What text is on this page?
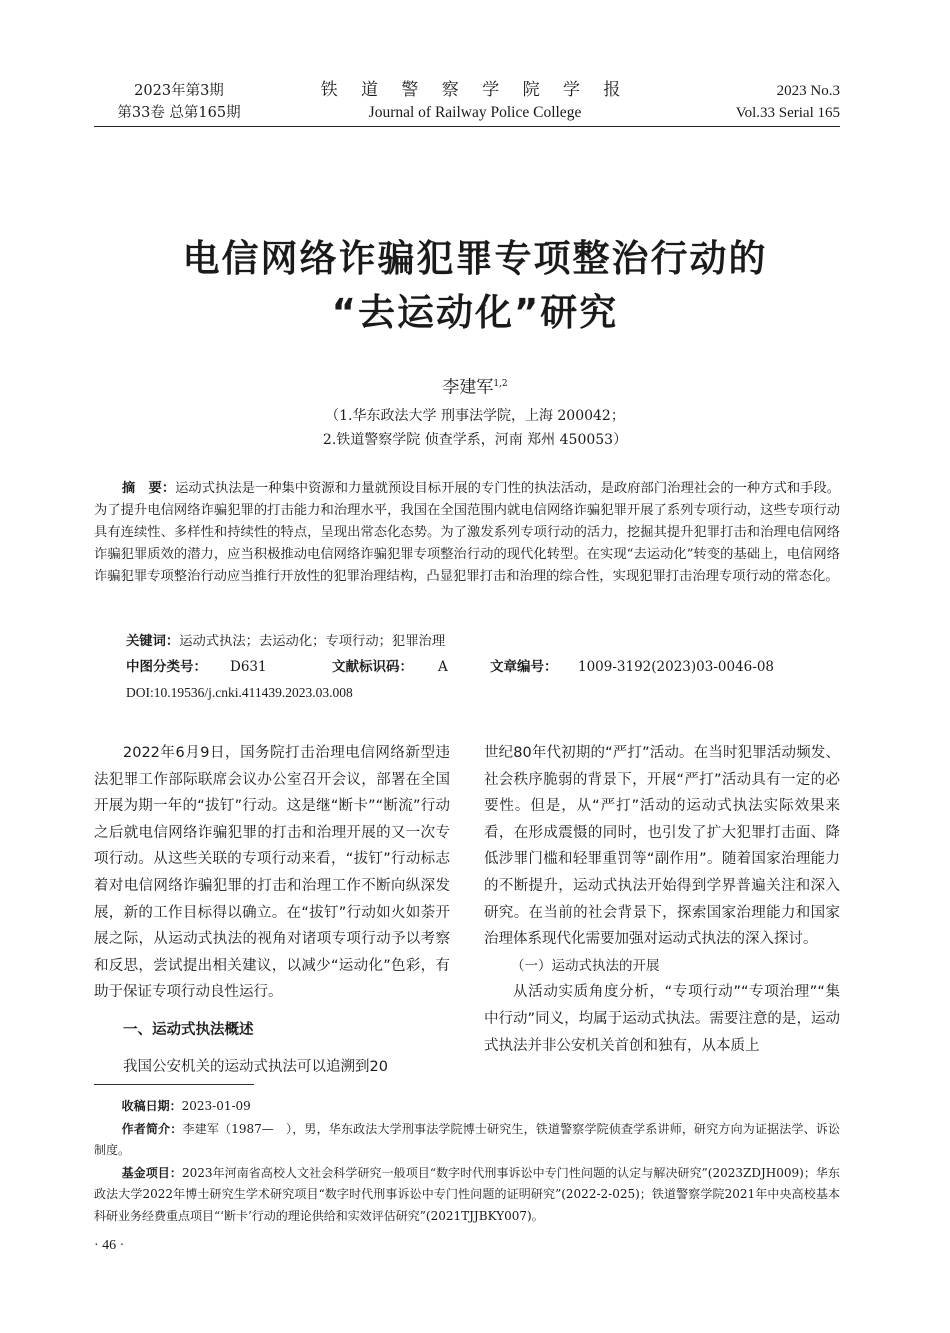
2023年第3期
第33卷 总第165期
铁 道 警 察 学 院 学 报
Journal of Railway Police College
2023 No.3
Vol.33 Serial 165
电信网络诈骗犯罪专项整治行动的
“去运动化”研究
李建军$^{1,2}$
（1.华东政法大学 刑事法学院，上海 200042；
2.铁道警察学院 侦查学系，河南 郑州 450053）
摘　要：运动式执法是一种集中资源和力量就预设目标开展的专门性的执法活动，是政府部门治理社会的一种方式和手段。为了提升电信网络诈骗犯罪的打击能力和治理水平，我国在全国范围内就电信网络诈骗犯罪开展了系列专项行动，这些专项行动具有连续性、多样性和持续性的特点，呈现出常态化态势。为了激发系列专项行动的活力，挖掘其提升犯罪打击和治理电信网络诈骗犯罪质效的潜力，应当积极推动电信网络诈骗犯罪专项整治行动的现代化转型。在实现“去运动化”转变的基础上，电信网络诈骗犯罪专项整治行动应当推行开放性的犯罪治理结构，凸显犯罪打击和治理的综合性，实现犯罪打击治理专项行动的常态化。
关键词：运动式执法；去运动化；专项行动；犯罪治理
中图分类号： D631	文献标识码： A	文章编号： 1009-3192(2023)03-0046-08
DOI:10.19536/j.cnki.411439.2023.03.008

2022年6月9日，国务院打击治理电信网络新型违法犯罪工作部际联席会议办公室召开会议，部署在全国开展为期一年的“拔钉”行动。这是继“断卡”“断流”行动之后就电信网络诈骗犯罪的打击和治理开展的又一次专项行动。从这些关联的专项行动来看，“拔钉”行动标志着对电信网络诈骗犯罪的打击和治理工作不断向纵深发展，新的工作目标得以确立。在“拔钉”行动如火如荼开展之际，从运动式执法的视角对诸项专项行动予以考察和反思，尝试提出相关建议，以减少“运动化”色彩，有助于保证专项行动良性运行。

一、运动式执法概述

我国公安机关的运动式执法可以追溯到20

世纪80年代初期的“严打”活动。在当时犯罪活动频发、社会秩序脆弱的背景下，开展“严打”活动具有一定的必要性。但是，从“严打”活动的运动式执法实际效果来看，在形成震慑的同时，也引发了扩大犯罪打击面、降低涉罪门槛和轻罪重罚等“副作用”。随着国家治理能力的不断提升，运动式执法开始得到学界普遍关注和深入研究。在当前的社会背景下，探索国家治理能力和国家治理体系现代化需要加强对运动式执法的深入探讨。

（一）运动式执法的开展

从活动实质角度分析，“专项行动”“专项治理”“集中行动”同义，均属于运动式执法。需要注意的是，运动式执法并非公安机关首创和独有，从本质上

收稿日期：2023-01-09

作者简介：李建军（1987—　），男，华东政法大学刑事法学院博士研究生，铁道警察学院侦查学系讲师，研究方向为证据法学、诉讼制度。

基金项目：2023年河南省高校人文社会科学研究一般项目“数字时代刑事诉讼中专门性问题的认定与解决研究”(2023ZDJH009)；华东政法大学2022年博士研究生学术研究项目“数字时代刑事诉讼中专门性问题的证明研究”(2022-2-025)；铁道警察学院2021年中央高校基本科研业务经费重点项目“‘断卡’行动的理论供给和实效评估研究”(2021TJJBKY007)。

· 46 ·
